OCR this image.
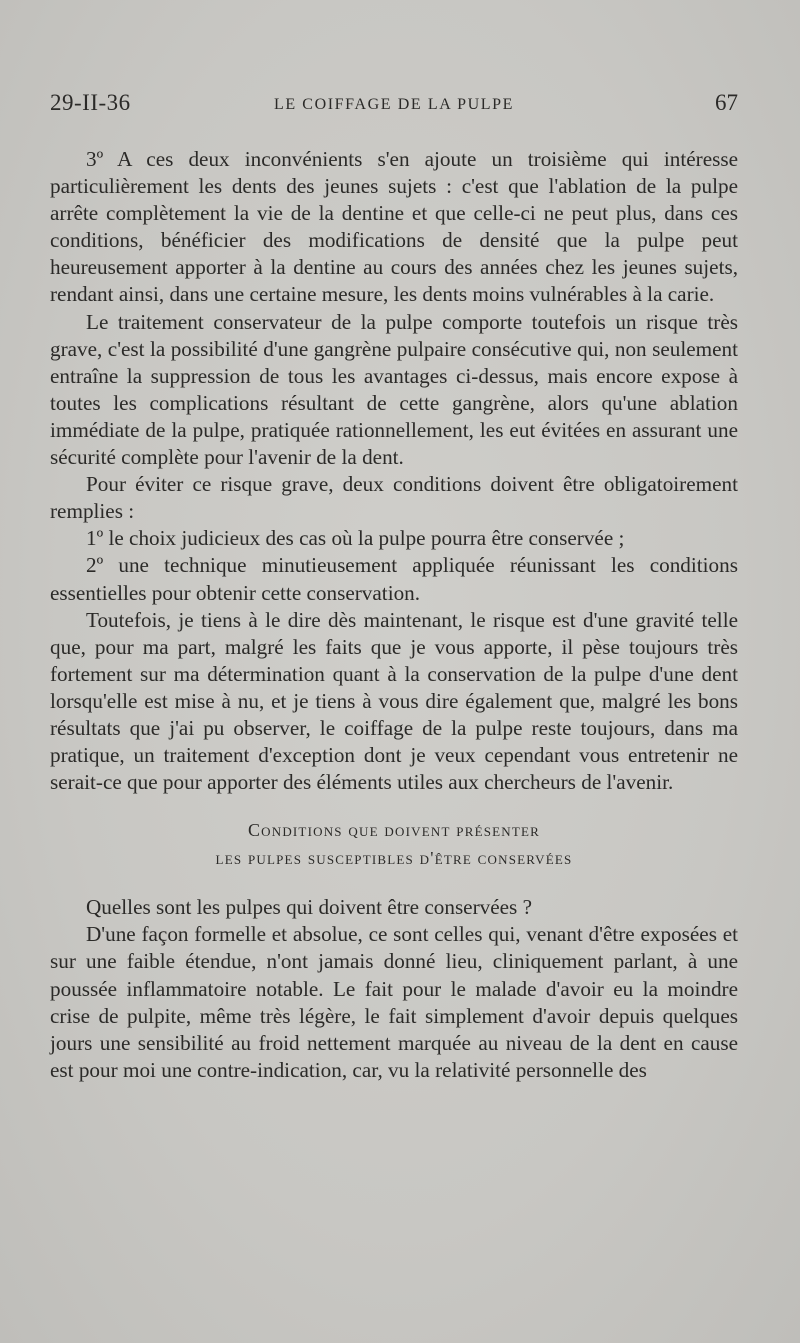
29-II-36	LE COIFFAGE DE LA PULPE	67

3º A ces deux inconvénients s'en ajoute un troisième qui intéresse particulièrement les dents des jeunes sujets : c'est que l'ablation de la pulpe arrête complètement la vie de la dentine et que celle-ci ne peut plus, dans ces conditions, bénéficier des modifications de densité que la pulpe peut heureusement apporter à la dentine au cours des années chez les jeunes sujets, rendant ainsi, dans une certaine mesure, les dents moins vulnérables à la carie.

Le traitement conservateur de la pulpe comporte toutefois un risque très grave, c'est la possibilité d'une gangrène pulpaire consécutive qui, non seulement entraîne la suppression de tous les avantages ci-dessus, mais encore expose à toutes les complications résultant de cette gangrène, alors qu'une ablation immédiate de la pulpe, pratiquée rationnellement, les eut évitées en assurant une sécurité complète pour l'avenir de la dent.

Pour éviter ce risque grave, deux conditions doivent être obligatoirement remplies :

1º le choix judicieux des cas où la pulpe pourra être conservée ;

2º une technique minutieusement appliquée réunissant les conditions essentielles pour obtenir cette conservation.

Toutefois, je tiens à le dire dès maintenant, le risque est d'une gravité telle que, pour ma part, malgré les faits que je vous apporte, il pèse toujours très fortement sur ma détermination quant à la conservation de la pulpe d'une dent lorsqu'elle est mise à nu, et je tiens à vous dire également que, malgré les bons résultats que j'ai pu observer, le coiffage de la pulpe reste toujours, dans ma pratique, un traitement d'exception dont je veux cependant vous entretenir ne serait-ce que pour apporter des éléments utiles aux chercheurs de l'avenir.

Conditions que doivent présenter
les pulpes susceptibles d'être conservées

Quelles sont les pulpes qui doivent être conservées ?

D'une façon formelle et absolue, ce sont celles qui, venant d'être exposées et sur une faible étendue, n'ont jamais donné lieu, cliniquement parlant, à une poussée inflammatoire notable. Le fait pour le malade d'avoir eu la moindre crise de pulpite, même très légère, le fait simplement d'avoir depuis quelques jours une sensibilité au froid nettement marquée au niveau de la dent en cause est pour moi une contre-indication, car, vu la relativité personnelle des
